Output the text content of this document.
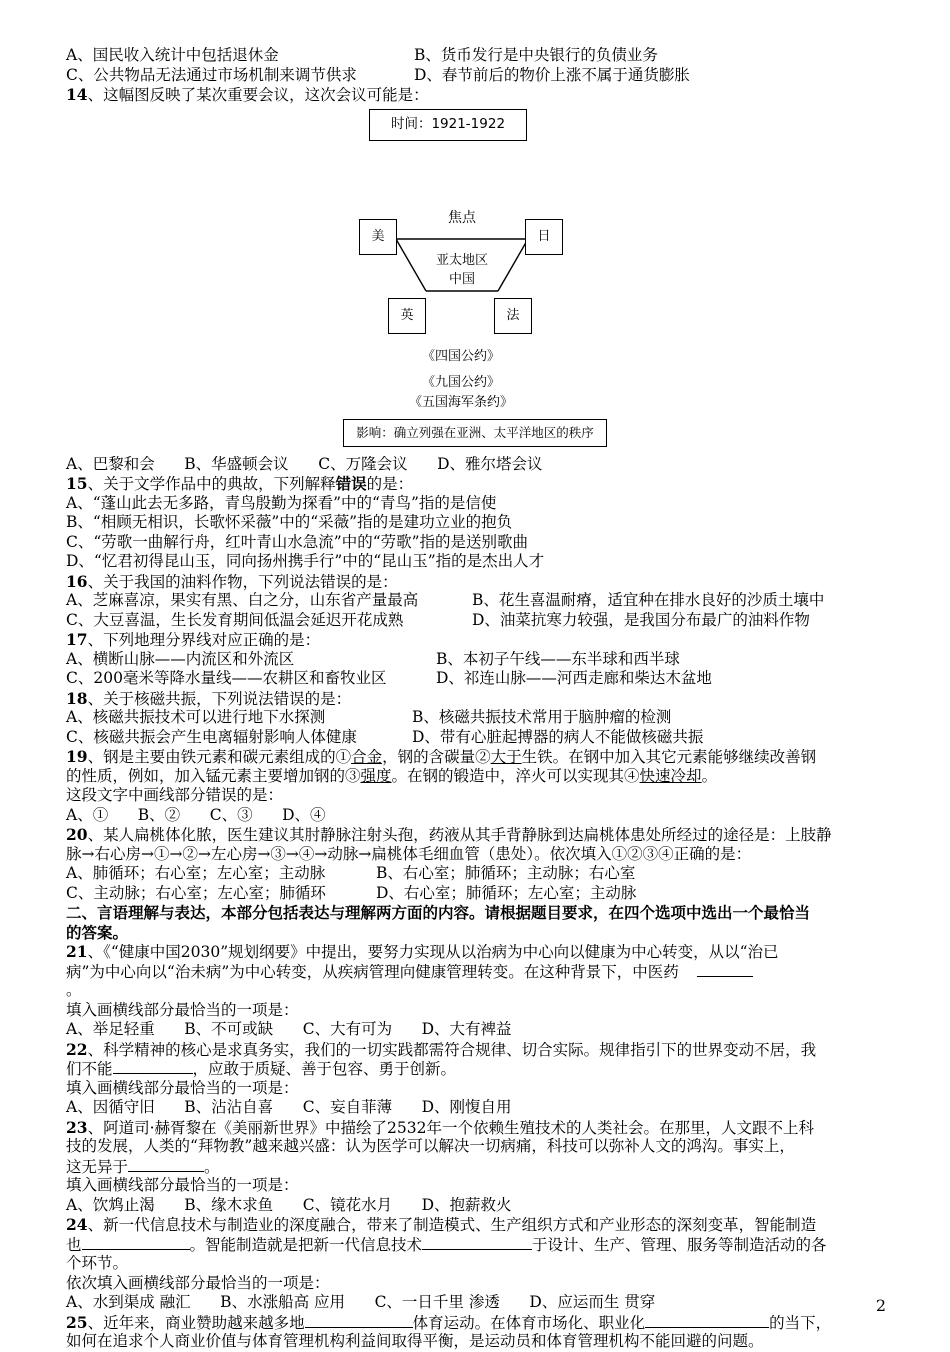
A、国民收入统计中包括退休金	B、货币发行是中央银行的负债业务
C、公共物品无法通过市场机制来调节供求	D、春节前后的物价上涨不属于通货膨胀
14、这幅图反映了某次重要会议，这次会议可能是：
时间：1921-1922
焦点
美	日
英	法
亚太地区
中国
《四国公约》
《九国公约》
《五国海军条约》
影响：确立列强在亚洲、太平洋地区的秩序
A、巴黎和会      B、华盛顿会议      C、万隆会议      D、雅尔塔会议
15、关于文学作品中的典故，下列解释错误的是：
A、“蓬山此去无多路，青鸟殷勤为探看”中的“青鸟”指的是信使
B、“相顾无相识，长歌怀采薇”中的“采薇”指的是建功立业的抱负
C、“劳歌一曲解行舟，红叶青山水急流”中的“劳歌”指的是送别歌曲
D、“忆君初得昆山玉，同向扬州携手行”中的“昆山玉”指的是杰出人才
16、关于我国的油料作物，下列说法错误的是：
A、芝麻喜凉，果实有黑、白之分，山东省产量最高	B、花生喜温耐瘠，适宜种在排水良好的沙质土壤中
C、大豆喜温，生长发育期间低温会延迟开花成熟	D、油菜抗寒力较强，是我国分布最广的油料作物
17、下列地理分界线对应正确的是：
A、横断山脉——内流区和外流区	B、本初子午线——东半球和西半球
C、200毫米等降水量线——农耕区和畜牧业区	D、祁连山脉——河西走廊和柴达木盆地
18、关于核磁共振，下列说法错误的是：
A、核磁共振技术可以进行地下水探测	B、核磁共振技术常用于脑肿瘤的检测
C、核磁共振会产生电离辐射影响人体健康	D、带有心脏起搏器的病人不能做核磁共振
19、钢是主要由铁元素和碳元素组成的①合金，钢的含碳量②大于生铁。在钢中加入其它元素能够继续改善钢
的性质，例如，加入锰元素主要增加钢的③强度。在钢的锻造中，淬火可以实现其④快速冷却。
这段文字中画线部分错误的是：
A、①      B、②      C、③      D、④
20、某人扁桃体化脓，医生建议其肘静脉注射头孢，药液从其手背静脉到达扁桃体患处所经过的途径是：上肢静
脉→右心房→①→②→左心房→③→④→动脉→扁桃体毛细血管（患处）。依次填入①②③④正确的是：
A、肺循环；右心室；左心室；主动脉	B、右心室；肺循环；主动脉；右心室
C、主动脉；右心室；左心室；肺循环	D、右心室；肺循环；左心室；主动脉
二、言语理解与表达，本部分包括表达与理解两方面的内容。请根据题目要求，在四个选项中选出一个最恰当
的答案。
21、《“健康中国2030”规划纲要》中提出，要努力实现从以治病为中心向以健康为中心转变，从以“治已
病”为中心向以“治未病”为中心转变，从疾病管理向健康管理转变。在这种背景下，中医药
。
填入画横线部分最恰当的一项是：
A、举足轻重      B、不可或缺      C、大有可为      D、大有裨益
22、科学精神的核心是求真务实，我们的一切实践都需符合规律、切合实际。规律指引下的世界变动不居，我
们不能	，应敢于质疑、善于包容、勇于创新。
填入画横线部分最恰当的一项是：
A、因循守旧      B、沾沾自喜      C、妄自菲薄      D、刚愎自用
23、阿道司·赫胥黎在《美丽新世界》中描绘了2532年一个依赖生殖技术的人类社会。在那里，人文跟不上科
技的发展，人类的“拜物教”越来越兴盛：认为医学可以解决一切病痛，科技可以弥补人文的鸿沟。事实上，
这无异于	。
填入画横线部分最恰当的一项是：
A、饮鸩止渴      B、缘木求鱼      C、镜花水月      D、抱薪救火
24、新一代信息技术与制造业的深度融合，带来了制造模式、生产组织方式和产业形态的深刻变革，智能制造
也	。智能制造就是把新一代信息技术	于设计、生产、管理、服务等制造活动的各
个环节。
依次填入画横线部分最恰当的一项是：
A、水到渠成 融汇      B、水涨船高 应用      C、一日千里 渗透      D、应运而生 贯穿
25、近年来，商业赞助越来越多地	体育运动。在体育市场化、职业化	的当下，
如何在追求个人商业价值与体育管理机构利益间取得平衡，是运动员和体育管理机构不能回避的问题。
2
